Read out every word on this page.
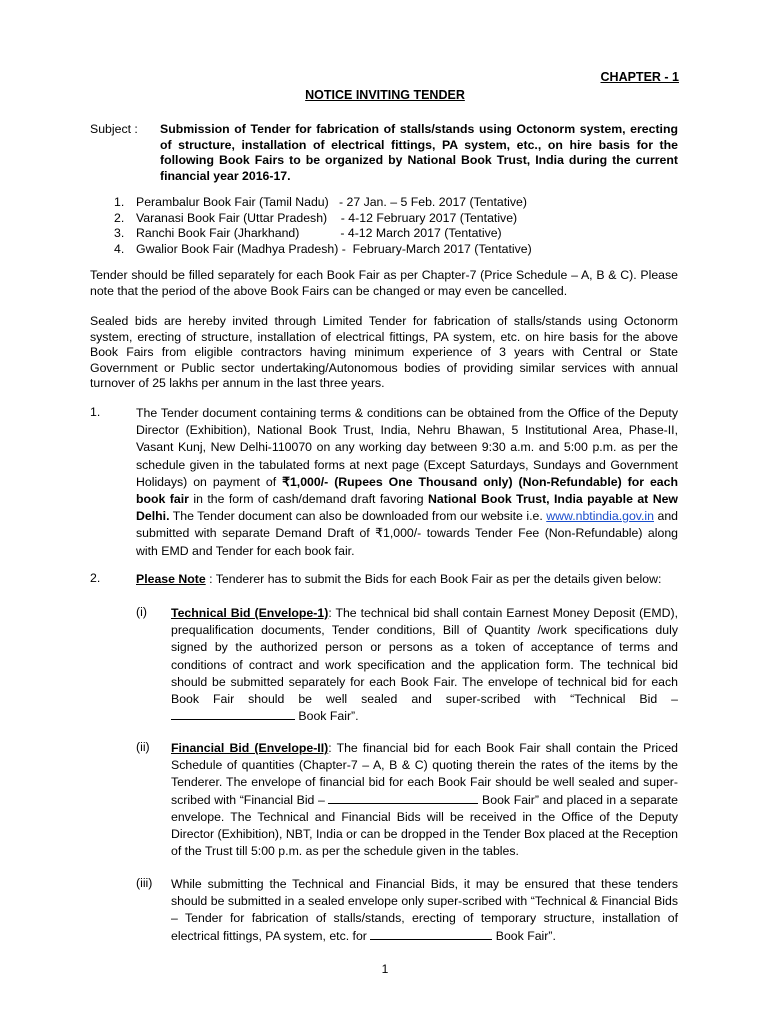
CHAPTER - 1
NOTICE INVITING TENDER
Subject : Submission of Tender for fabrication of stalls/stands using Octonorm system, erecting of structure, installation of electrical fittings, PA system, etc., on hire basis for the following Book Fairs to be organized by National Book Trust, India during the current financial year 2016-17.
1. Perambalur Book Fair (Tamil Nadu)   - 27 Jan. – 5 Feb. 2017 (Tentative)
2. Varanasi Book Fair (Uttar Pradesh)    - 4-12 February 2017 (Tentative)
3. Ranchi Book Fair (Jharkhand)            - 4-12 March 2017 (Tentative)
4. Gwalior Book Fair (Madhya Pradesh) -  February-March 2017 (Tentative)

Tender should be filled separately for each Book Fair as per Chapter-7 (Price Schedule – A, B & C). Please note that the period of the above Book Fairs can be changed or may even be cancelled.

Sealed bids are hereby invited through Limited Tender for fabrication of stalls/stands using Octonorm system, erecting of structure, installation of electrical fittings, PA system, etc. on hire basis for the above Book Fairs from eligible contractors having minimum experience of 3 years with Central or State Government or Public sector undertaking/Autonomous bodies of providing similar services with annual turnover of 25 lakhs per annum in the last three years.

1.	The Tender document containing terms & conditions can be obtained from the Office of the Deputy Director (Exhibition), National Book Trust, India, Nehru Bhawan, 5 Institutional Area, Phase-II, Vasant Kunj, New Delhi-110070 on any working day between 9:30 a.m. and 5:00 p.m. as per the schedule given in the tabulated forms at next page (Except Saturdays, Sundays and Government Holidays) on payment of ₹1,000/- (Rupees One Thousand only) (Non-Refundable) for each book fair in the form of cash/demand draft favoring National Book Trust, India payable at New Delhi. The Tender document can also be downloaded from our website i.e. www.nbtindia.gov.in and submitted with separate Demand Draft of ₹1,000/- towards Tender Fee (Non-Refundable) along with EMD and Tender for each book fair.
2.	Please Note : Tenderer has to submit the Bids for each Book Fair as per the details given below:
(i) Technical Bid (Envelope-1): The technical bid shall contain Earnest Money Deposit (EMD), prequalification documents, Tender conditions, Bill of Quantity /work specifications duly signed by the authorized person or persons as a token of acceptance of terms and conditions of contract and work specification and the application form. The technical bid should be submitted separately for each Book Fair. The envelope of technical bid for each Book Fair should be well sealed and super-scribed with “Technical Bid –  Book Fair”.
(ii) Financial Bid (Envelope-II): The financial bid for each Book Fair shall contain the Priced Schedule of quantities (Chapter-7 – A, B & C) quoting therein the rates of the items by the Tenderer. The envelope of financial bid for each Book Fair should be well sealed and super-scribed with “Financial Bid –	Book Fair” and placed in a separate envelope. The Technical and Financial Bids will be received in the Office of the Deputy Director (Exhibition), NBT, India or can be dropped in the Tender Box placed at the Reception of the Trust till 5:00 p.m. as per the schedule given in the tables.
(iii) While submitting the Technical and Financial Bids, it may be ensured that these tenders should be submitted in a sealed envelope only super-scribed with “Technical & Financial Bids – Tender for fabrication of stalls/stands, erecting of temporary structure, installation of electrical fittings, PA system, etc. for	Book Fair”.
1
